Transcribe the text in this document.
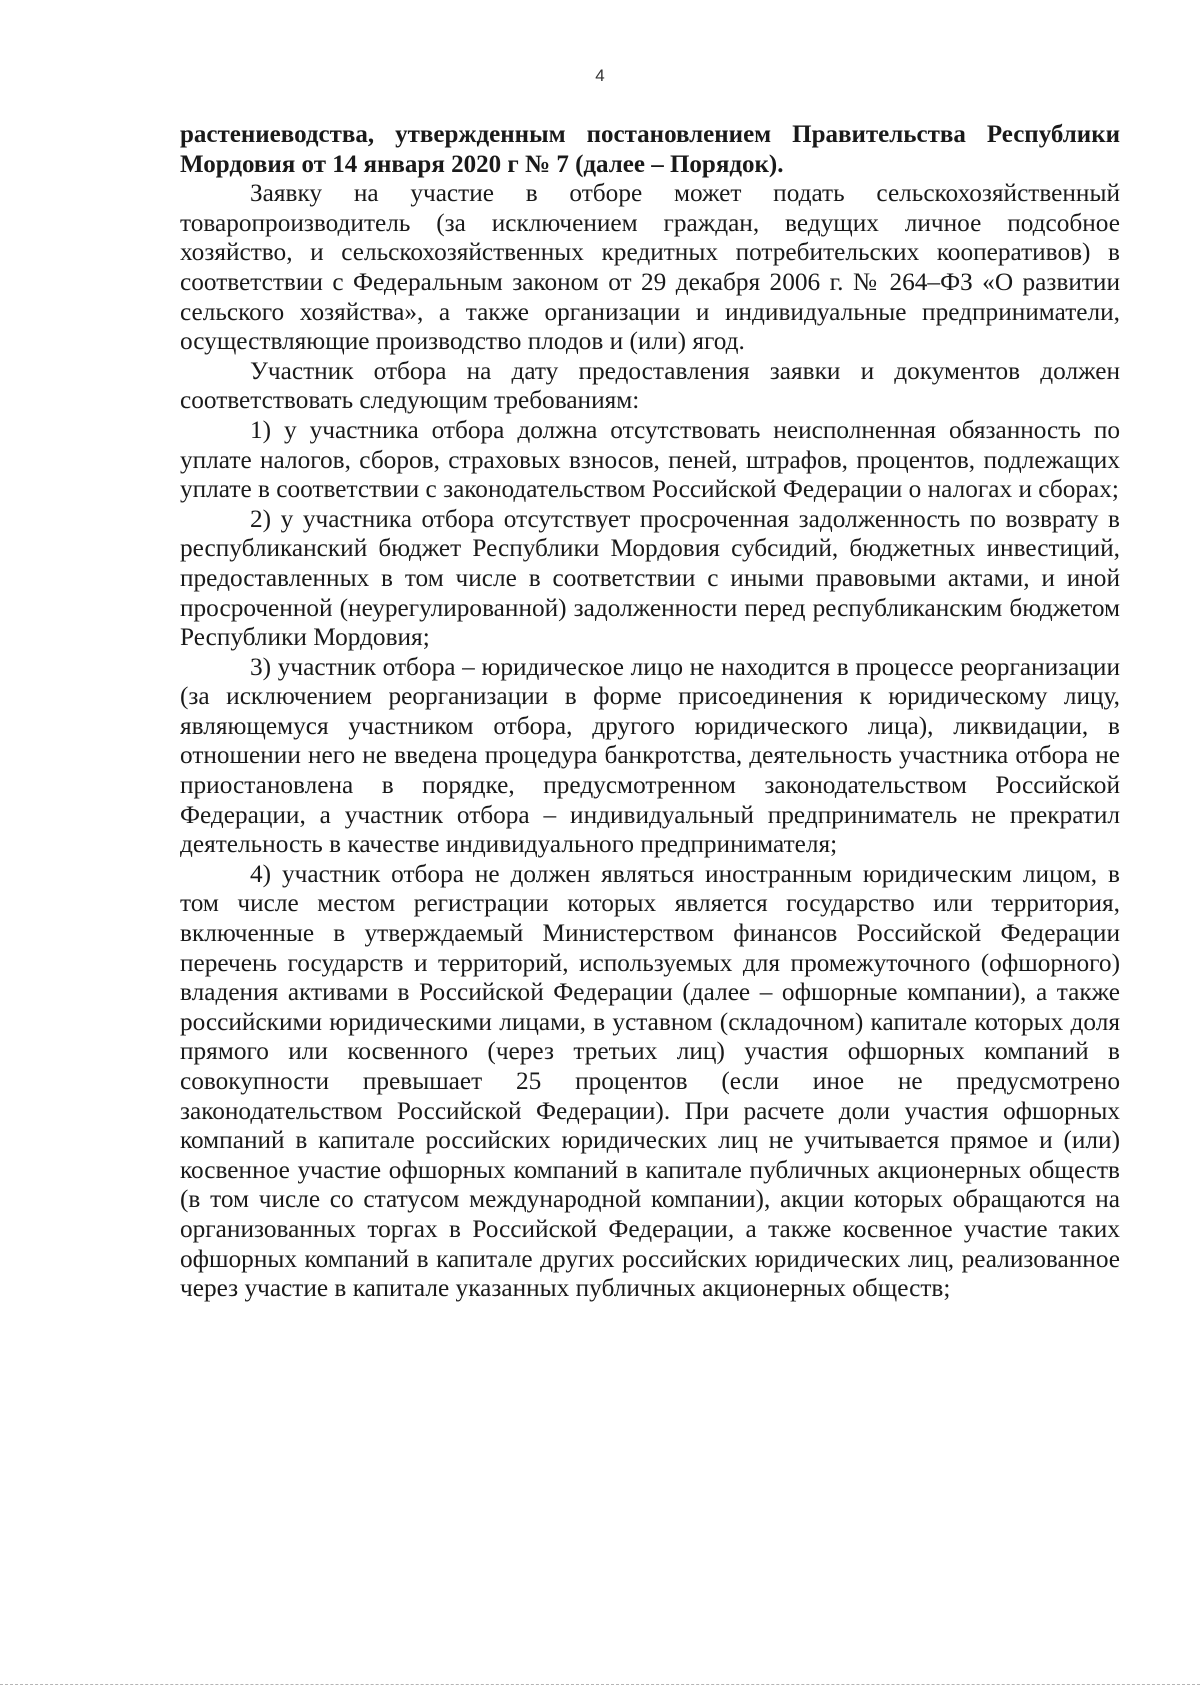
4

растениеводства, утвержденным постановлением Правительства Республики Мордовия от 14 января 2020 г № 7 (далее – Порядок).

Заявку на участие в отборе может подать сельскохозяйственный товаропроизводитель (за исключением граждан, ведущих личное подсобное хозяйство, и сельскохозяйственных кредитных потребительских кооперативов) в соответствии с Федеральным законом от 29 декабря 2006 г. № 264–ФЗ «О развитии сельского хозяйства», а также организации и индивидуальные предприниматели, осуществляющие производство плодов и (или) ягод.

Участник отбора на дату предоставления заявки и документов должен соответствовать следующим требованиям:

1) у участника отбора должна отсутствовать неисполненная обязанность по уплате налогов, сборов, страховых взносов, пеней, штрафов, процентов, подлежащих уплате в соответствии с законодательством Российской Федерации о налогах и сборах;

2) у участника отбора отсутствует просроченная задолженность по возврату в республиканский бюджет Республики Мордовия субсидий, бюджетных инвестиций, предоставленных в том числе в соответствии с иными правовыми актами, и иной просроченной (неурегулированной) задолженности перед республиканским бюджетом Республики Мордовия;

3) участник отбора – юридическое лицо не находится в процессе реорганизации (за исключением реорганизации в форме присоединения к юридическому лицу, являющемуся участником отбора, другого юридического лица), ликвидации, в отношении него не введена процедура банкротства, деятельность участника отбора не приостановлена в порядке, предусмотренном законодательством Российской Федерации, а участник отбора – индивидуальный предприниматель не прекратил деятельность в качестве индивидуального предпринимателя;

4) участник отбора не должен являться иностранным юридическим лицом, в том числе местом регистрации которых является государство или территория, включенные в утверждаемый Министерством финансов Российской Федерации перечень государств и территорий, используемых для промежуточного (офшорного) владения активами в Российской Федерации (далее – офшорные компании), а также российскими юридическими лицами, в уставном (складочном) капитале которых доля прямого или косвенного (через третьих лиц) участия офшорных компаний в совокупности превышает 25 процентов (если иное не предусмотрено законодательством Российской Федерации). При расчете доли участия офшорных компаний в капитале российских юридических лиц не учитывается прямое и (или) косвенное участие офшорных компаний в капитале публичных акционерных обществ (в том числе со статусом международной компании), акции которых обращаются на организованных торгах в Российской Федерации, а также косвенное участие таких офшорных компаний в капитале других российских юридических лиц, реализованное через участие в капитале указанных публичных акционерных обществ;
